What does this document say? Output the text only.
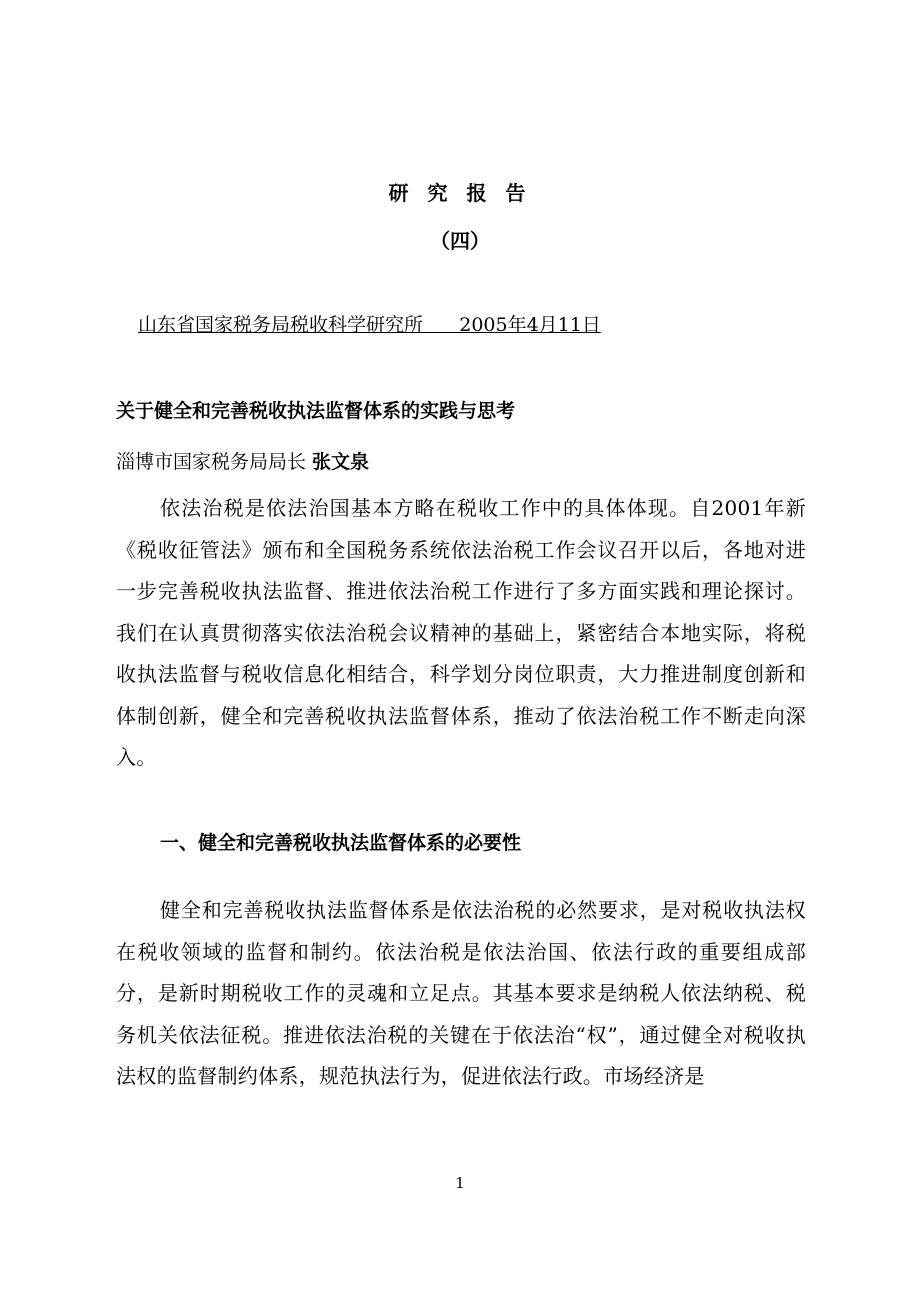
研 究 报 告
（四）
山东省国家税务局税收科学研究所      2005年4月11日
关于健全和完善税收执法监督体系的实践与思考
淄博市国家税务局局长 张文泉
依法治税是依法治国基本方略在税收工作中的具体体现。自2001年新《税收征管法》颁布和全国税务系统依法治税工作会议召开以后，各地对进一步完善税收执法监督、推进依法治税工作进行了多方面实践和理论探讨。我们在认真贯彻落实依法治税会议精神的基础上，紧密结合本地实际，将税收执法监督与税收信息化相结合，科学划分岗位职责，大力推进制度创新和体制创新，健全和完善税收执法监督体系，推动了依法治税工作不断走向深入。
一、健全和完善税收执法监督体系的必要性
健全和完善税收执法监督体系是依法治税的必然要求，是对税收执法权在税收领域的监督和制约。依法治税是依法治国、依法行政的重要组成部分，是新时期税收工作的灵魂和立足点。其基本要求是纳税人依法纳税、税务机关依法征税。推进依法治税的关键在于依法治“权”，通过健全对税收执法权的监督制约体系，规范执法行为，促进依法行政。市场经济是
1
